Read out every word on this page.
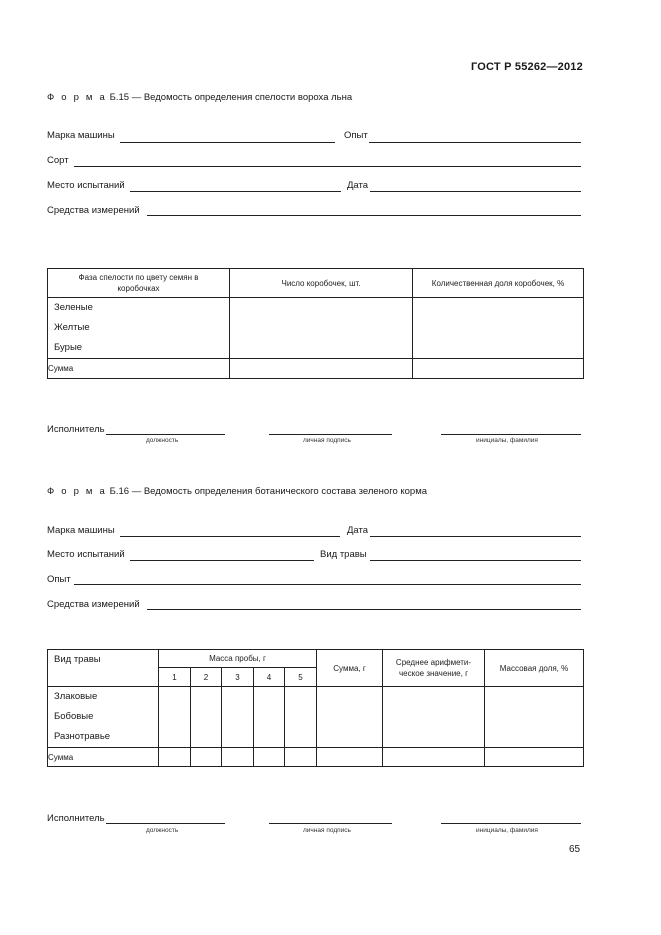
ГОСТ Р 55262—2012
Ф о р м а Б.15 — Ведомость определения спелости вороха льна
Марка машины	Опыт
Сорт
Место испытаний	Дата
Средства измерений
Фаза спелости по цвету семян в коробочках	Число коробочек, шт.	Количественная доля коробочек, %

Зеленые
Желтые
Бурые		

Сумма		
Исполнитель
должность	личная подпись	инициалы, фамилия
Ф о р м а Б.16 — Ведомость определения ботанического состава зеленого корма
Марка машины	Дата
Место испытаний	Вид травы
Опыт
Средства измерений
Вид травы	Масса пробы, г					Сумма, г	Среднее арифмети-ческое значение, г	Массовая доля, %
	1	2	3	4	5			

Злаковые
Бобовые
Разнотравье								

Сумма								
Исполнитель
должность	личная подпись	инициалы, фамилия
65
